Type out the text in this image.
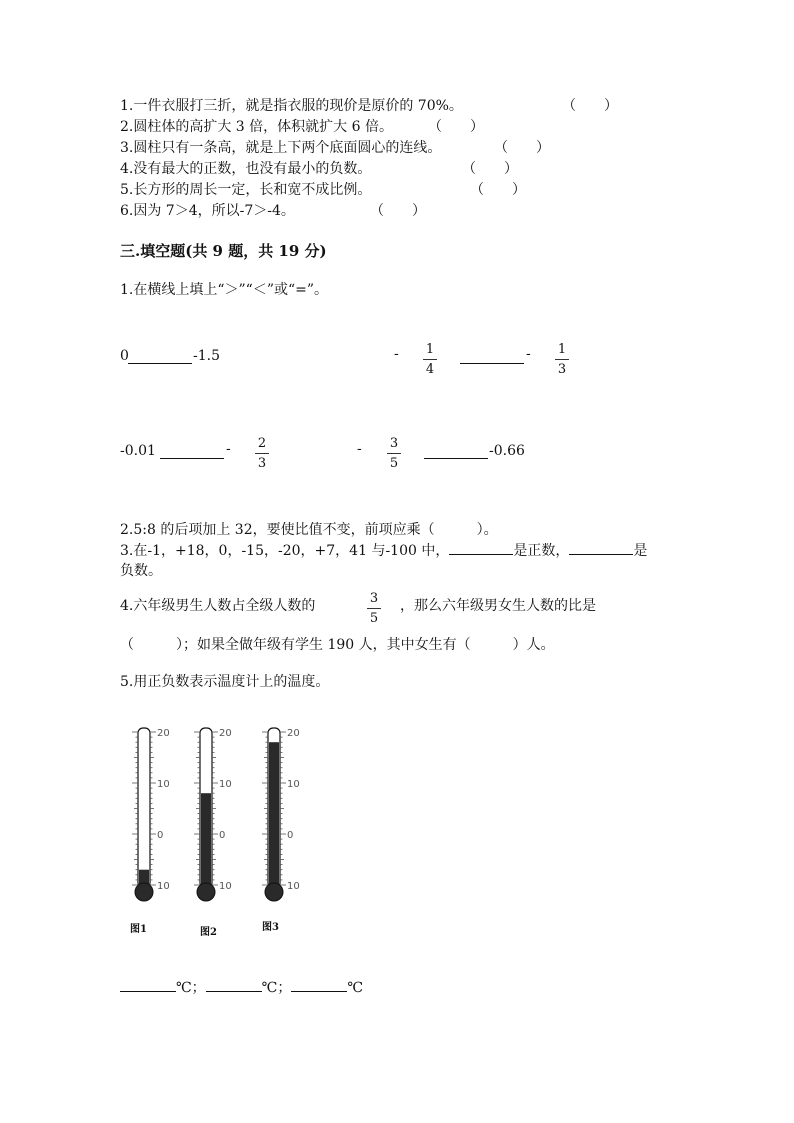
1.一件衣服打三折，就是指衣服的现价是原价的 70%。	（　　）
2.圆柱体的高扩大 3 倍，体积就扩大 6 倍。	（　　）
3.圆柱只有一条高，就是上下两个底面圆心的连线。	（　　）
4.没有最大的正数，也没有最小的负数。	（　　）
5.长方形的周长一定，长和宽不成比例。	（　　）
6.因为 7＞4，所以-7＞-4。	（　　）
三.填空题(共 9 题，共 19 分)
1.在横线上填上“＞”“＜”或“=”。
0	-1.5	- 1
4
- 1
3
-0.01	- 2
3
- 3
5
-0.66
2.5:8 的后项加上 32，要使比值不变，前项应乘（　　　）。
3.在-1，+18，0，-15，-20，+7，41 与-100 中，	是正数，	是
负数。
4.六年级男生人数占全级人数的	3
5
，那么六年级男女生人数的比是
（　　　）；如果全做年级有学生 190 人，其中女生有（　　　）人。
5.用正负数表示温度计上的温度。
20
10
0
10
20
10
0
10
20
10
0
10
图1	图2	图3
℃；	℃；	℃
